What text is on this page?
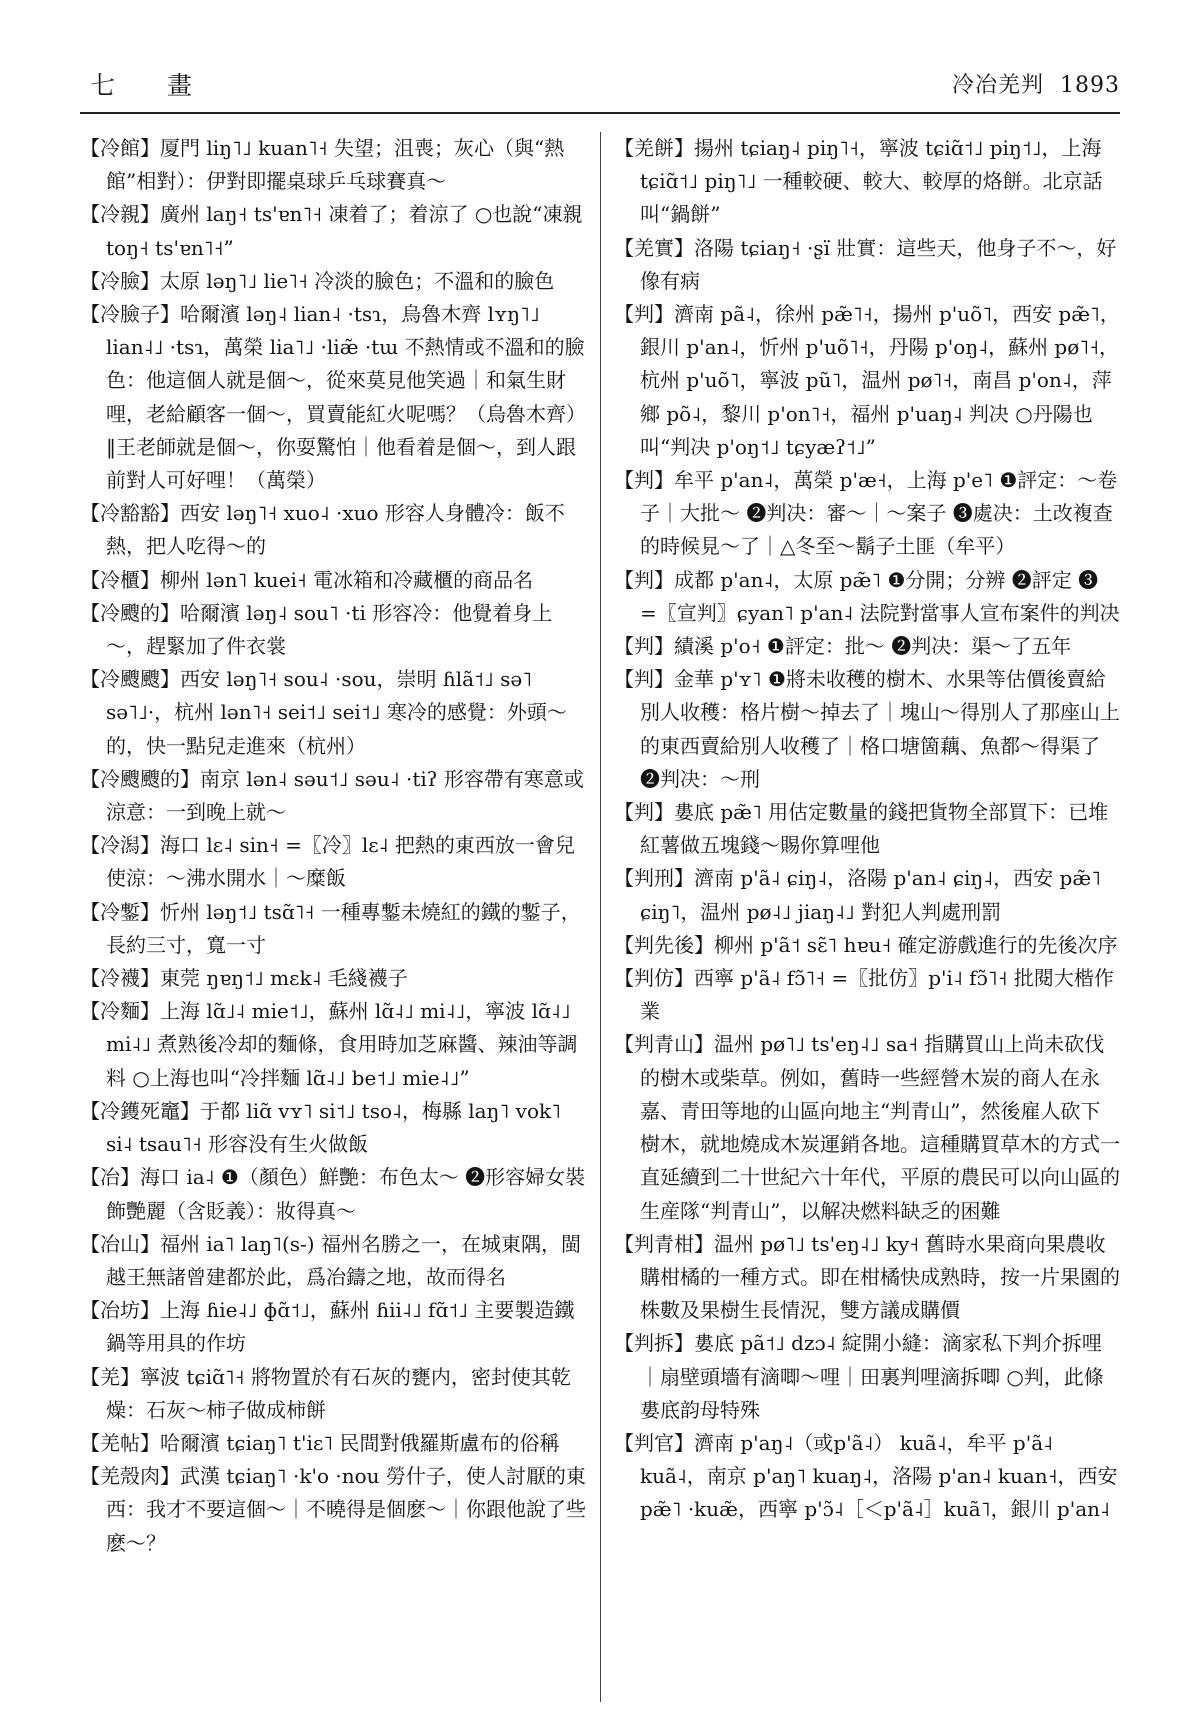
七 畫	冷冶羌判 1893

【冷館】厦門 liŋ˥˩ kuan˥˧ 失望；沮喪；灰心（與“熱館”相對）：伊對即擺桌球乒乓球賽真～

【冷親】廣州 laŋ˧ ts'ɐn˥˧ 凍着了；着涼了 ○也說“凍親 toŋ˧ ts'ɐn˥˧”

【冷臉】太原 ləŋ˥˩ lie˥˧ 冷淡的臉色；不溫和的臉色

【冷臉子】哈爾濱 ləŋ˨ lian˨ ·tsɿ，烏魯木齊 lʏŋ˥˩ lian˨˩ ·tsɿ，萬榮 lia˥˩ ·liæ̃ ·tɯ 不熱情或不溫和的臉色：他這個人就是個～，從來莫見他笑過｜和氣生財哩，老給顧客一個～，買賣能紅火呢嗎？（烏魯木齊）‖王老師就是個～，你耍驚怕｜他看着是個～，到人跟前對人可好哩！（萬榮）

【冷豁豁】西安 ləŋ˥˧ xuo˨ ·xuo 形容人身體冷：飯不熱，把人吃得～的

【冷櫃】柳州 lən˥ kuei˧ 電冰箱和冷藏櫃的商品名

【冷颼的】哈爾濱 ləŋ˨ sou˥ ·ti 形容冷：他覺着身上～，趕緊加了件衣裳

【冷颼颼】西安 ləŋ˥˧ sou˨ ·sou，崇明 ɦlã˦˩ sə˥ sə˥˩·，杭州 lən˥˧ sei˦˩ sei˦˩ 寒冷的感覺：外頭～的，快一點兒走進來（杭州）

【冷颼颼的】南京 lən˨ səu˦˩ səu˨ ·tiʔ 形容帶有寒意或涼意：一到晚上就～

【冷潟】海口 lɛ˨ sin˧ =〖冷〗lɛ˨ 把熱的東西放一會兒使涼：～沸水開水｜～糜飯

【冷鏨】忻州 ləŋ˦˩ tsɑ̃˥˧ 一種專鏨未燒紅的鐵的鏨子，長約三寸，寬一寸

【冷襪】東莞 ŋɐŋ˦˩ mɛk˨ 毛綫襪子

【冷麵】上海 lɑ̃˩˨ mie˦˩，蘇州 lɑ̃˨˩ mi˨˩，寧波 lɑ̃˨˩ mi˨˩ 煮熟後冷却的麵條，食用時加芝麻醬、辣油等調料 ○上海也叫“冷拌麵 lɑ̃˨˩ be˦˩ mie˨˩”

【冷鑊死竈】于都 liɑ̃ vʏ˥ si˦˩ tso˨，梅縣 laŋ˥ vok˥ si˨ tsau˥˧ 形容没有生火做飯

【冶】海口 ia˨ ❶（顏色）鮮艷：布色太～ ❷形容婦女裝飾艷麗（含貶義）：妝得真～

【冶山】福州 ia˥ laŋ˥(s-) 福州名勝之一，在城東隅，閩越王無諸曾建都於此，爲冶鑄之地，故而得名

【冶坊】上海 ɦie˨˩ ɸɑ̃˦˩，蘇州 ɦii˨˩ fɑ̃˦˩ 主要製造鐵鍋等用具的作坊

【羌】寧波 tɕiɑ̃˥˧ 將物置於有石灰的甕内，密封使其乾燥：石灰～柿子做成柿餅

【羌帖】哈爾濱 tɕiaŋ˥ t'iɛ˥ 民間對俄羅斯盧布的俗稱

【羌殼肉】武漢 tɕiaŋ˥ ·k'o ·nou 勞什子，使人討厭的東西：我才不要這個～｜不曉得是個麽～｜你跟他說了些麽～？

【羌餅】揚州 tɕiaŋ˨ piŋ˥˧，寧波 tɕiɑ̃˦˩ piŋ˦˩，上海 tɕiɑ̃˦˩ piŋ˥˩ 一種較硬、較大、較厚的烙餅。北京話叫“鍋餅”

【羌實】洛陽 tɕiaŋ˧ ·ʂï 壯實：這些天，他身子不～，好像有病

【判】濟南 pã˨，徐州 pæ̃˥˧，揚州 p'uõ˥，西安 pæ̃˥，銀川 p'an˨，忻州 p'uõ˥˧，丹陽 p'oŋ˨，蘇州 pø˥˧，杭州 p'uõ˥，寧波 pũ˥，温州 pø˥˧，南昌 p'on˨，萍鄉 põ˨，黎川 p'on˥˧，福州 p'uaŋ˨ 判决 ○丹陽也叫“判决 p'oŋ˦˩ tɕyæʔ˦˩”

【判】牟平 p'an˨，萬榮 p'æ˧，上海 p'e˥ ❶評定：～卷子｜大批～ ❷判决：審～｜～案子 ❸處决：土改複查的時候見～了｜△冬至～鬍子土匪（牟平）

【判】成都 p'an˨，太原 pæ̃˥ ❶分開；分辨 ❷評定 ❸ =〖宣判〗ɕyan˥ p'an˨ 法院對當事人宣布案件的判决

【判】績溪 p'o˧ ❶評定：批～ ❷判决：渠～了五年

【判】金華 p'ʏ˥ ❶將未收穫的樹木、水果等估價後賣給別人收穫：格片樹～掉去了｜塊山～得別人了那座山上的東西賣給別人收穫了｜格口塘箇藕、魚都～得渠了 ❷判决：～刑

【判】婁底 pæ̃˥ 用估定數量的錢把貨物全部買下：已堆紅薯做五塊錢～賜你算哩他

【判刑】濟南 p'ã˨ ɕiŋ˨，洛陽 p'an˨ ɕiŋ˨，西安 pæ̃˥ ɕiŋ˥，温州 pø˨˩ jiaŋ˨˩ 對犯人判處刑罰

【判先後】柳州 p'ã˦ sɛ̃˥ hɐu˧ 確定游戲進行的先後次序

【判仿】西寧 p'ã˨ fɔ̃˥˧ =〖批仿〗p'i˨ fɔ̃˥˧ 批閱大楷作業

【判青山】温州 pø˥˩ ts'eŋ˨˩ sa˧ 指購買山上尚未砍伐的樹木或柴草。例如，舊時一些經營木炭的商人在永嘉、青田等地的山區向地主“判青山”，然後雇人砍下樹木，就地燒成木炭運銷各地。這種購買草木的方式一直延續到二十世紀六十年代，平原的農民可以向山區的生産隊“判青山”，以解决燃料缺乏的困難

【判青柑】温州 pø˥˩ ts'eŋ˨˩ ky˧ 舊時水果商向果農收購柑橘的一種方式。即在柑橘快成熟時，按一片果園的株數及果樹生長情況，雙方議成購價

【判拆】婁底 pã˦˩ dzɔ˨ 綻開小縫：滴家私下判介拆哩｜扇壁頭墻有滴唧～哩｜田裏判哩滴拆唧 ○判，此條婁底韵母特殊

【判官】濟南 p'aŋ˨（或p'ã˨） kuã˨，牟平 p'ã˨ kuã˨，南京 p'aŋ˥ kuaŋ˨，洛陽 p'an˨ kuan˧，西安 pæ̃˥ ·kuæ̃，西寧 p'ɔ̃˨［＜p'ã˨］kuã˥，銀川 p'an˨
